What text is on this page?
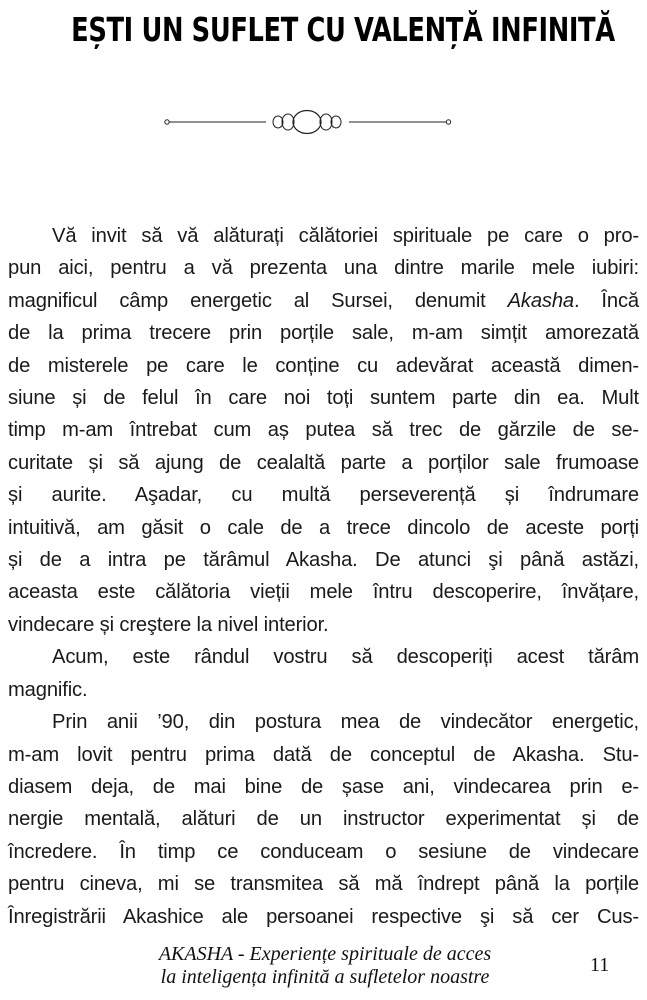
EȘTI UN SUFLET CU VALENȚĂ INFINITĂ
Vă invit să vă alăturați călătoriei spirituale pe care o pro-
pun aici, pentru a vă prezenta una dintre marile mele iubiri:
magnificul câmp energetic al Sursei, denumit Akasha. Încă
de la prima trecere prin porțile sale, m-am simțit amorezată
de misterele pe care le conține cu adevărat această dimen-
siune și de felul în care noi toți suntem parte din ea. Mult
timp m-am întrebat cum aș putea să trec de gărzile de se-
curitate și să ajung de cealaltă parte a porților sale frumoase
și aurite. Aşadar, cu multă perseverență și îndrumare
intuitivă, am găsit o cale de a trece dincolo de aceste porți
și de a intra pe tărâmul Akasha. De atunci şi până astăzi,
aceasta este călătoria vieții mele întru descoperire, învățare,
vindecare și creştere la nivel interior.
Acum, este rândul vostru să descoperiți acest tărâm
magnific.
Prin anii ’90, din postura mea de vindecător energetic,
m-am lovit pentru prima dată de conceptul de Akasha. Stu-
diasem deja, de mai bine de șase ani, vindecarea prin e-
nergie mentală, alături de un instructor experimentat și de
încredere. În timp ce conduceam o sesiune de vindecare
pentru cineva, mi se transmitea să mă îndrept până la porțile
Înregistrării Akashice ale persoanei respective şi să cer Cus-
AKASHA - Experiențe spirituale de acces
la inteligența infinită a sufletelor noastre
11
